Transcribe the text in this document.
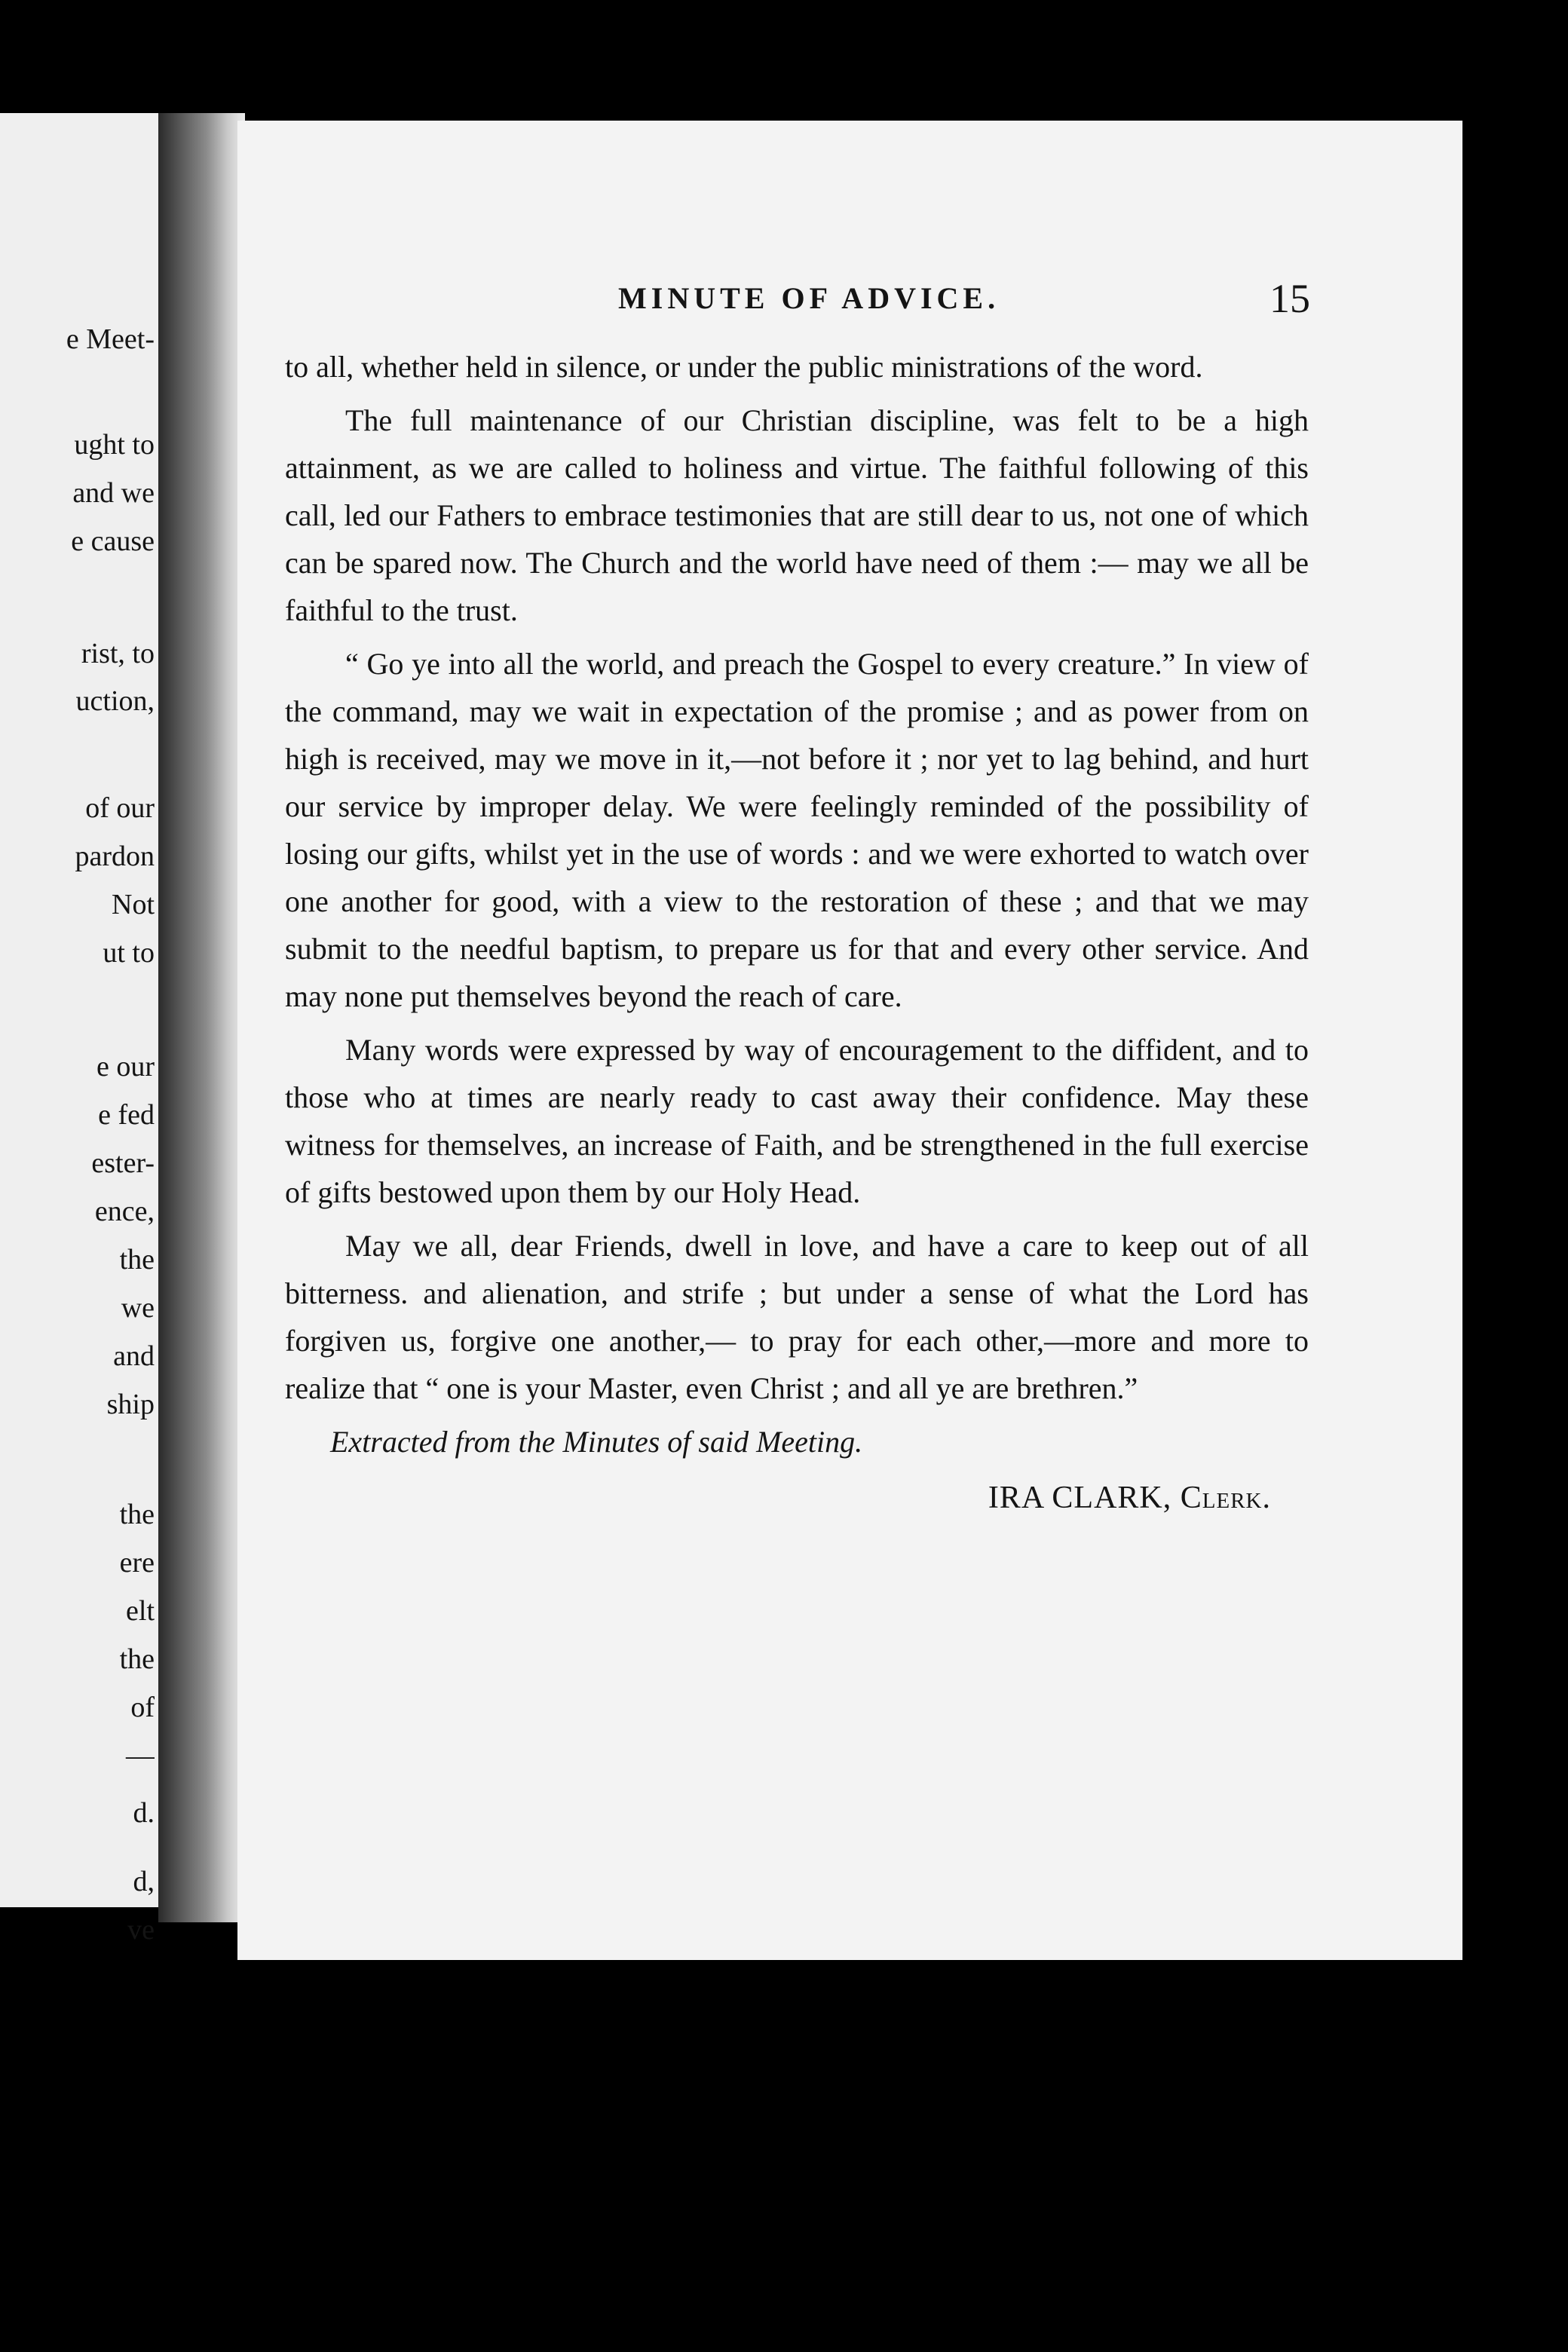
e Meet-
ught to
and we
e cause
rist, to
uction,
of our
pardon
Not
ut to
e our
e fed
ester-
ence,
the
we
and
ship
the
ere
elt
the
of
—
d.
d,
ve
MINUTE OF ADVICE.	15

to all, whether held in silence, or under the public ministrations of the word.

The full maintenance of our Christian discipline, was felt to be a high attainment, as we are called to holiness and virtue. The faithful following of this call, led our Fathers to embrace testimonies that are still dear to us, not one of which can be spared now. The Church and the world have need of them :— may we all be faithful to the trust.

“ Go ye into all the world, and preach the Gospel to every creature.” In view of the command, may we wait in expectation of the promise ; and as power from on high is received, may we move in it,—not before it ; nor yet to lag behind, and hurt our service by improper delay. We were feelingly reminded of the possibility of losing our gifts, whilst yet in the use of words : and we were exhorted to watch over one another for good, with a view to the restoration of these ; and that we may submit to the needful baptism, to prepare us for that and every other service. And may none put themselves beyond the reach of care.

Many words were expressed by way of encouragement to the diffident, and to those who at times are nearly ready to cast away their confidence. May these witness for themselves, an increase of Faith, and be strengthened in the full exercise of gifts bestowed upon them by our Holy Head.

May we all, dear Friends, dwell in love, and have a care to keep out of all bitterness. and alienation, and strife ; but under a sense of what the Lord has forgiven us, forgive one another,— to pray for each other,—more and more to realize that “ one is your Master, even Christ ; and all ye are brethren.”

Extracted from the Minutes of said Meeting.

IRA CLARK, Clerk.
